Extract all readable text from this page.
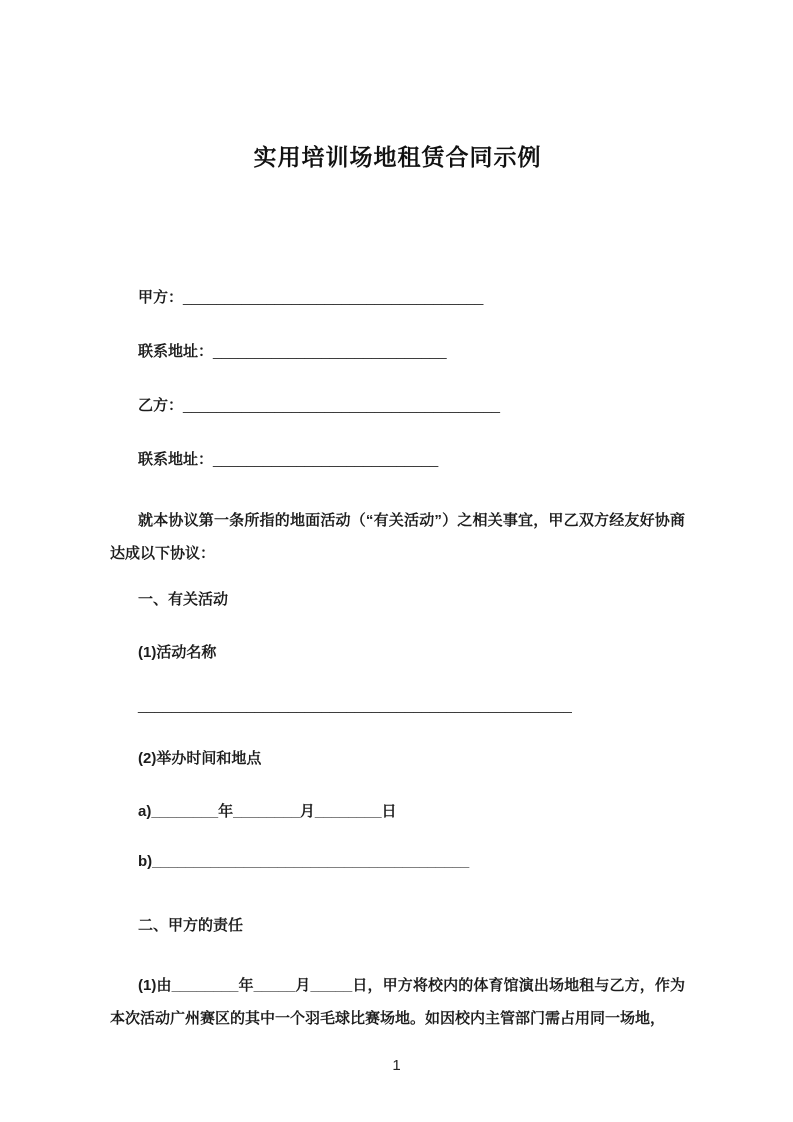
实用培训场地租赁合同示例
甲方：____________________________________
联系地址：____________________________
乙方：______________________________________
联系地址：___________________________

就本协议第一条所指的地面活动（“有关活动”）之相关事宜，甲乙双方经友好协商达成以下协议：

一、有关活动
(1)活动名称
____________________________________________________
(2)举办时间和地点
a)________年________月________日
b)______________________________________
二、甲方的责任

(1)由________年_____月_____日，甲方将校内的体育馆演出场地租与乙方，作为本次活动广州赛区的其中一个羽毛球比赛场地。如因校内主管部门需占用同一场地，

1
